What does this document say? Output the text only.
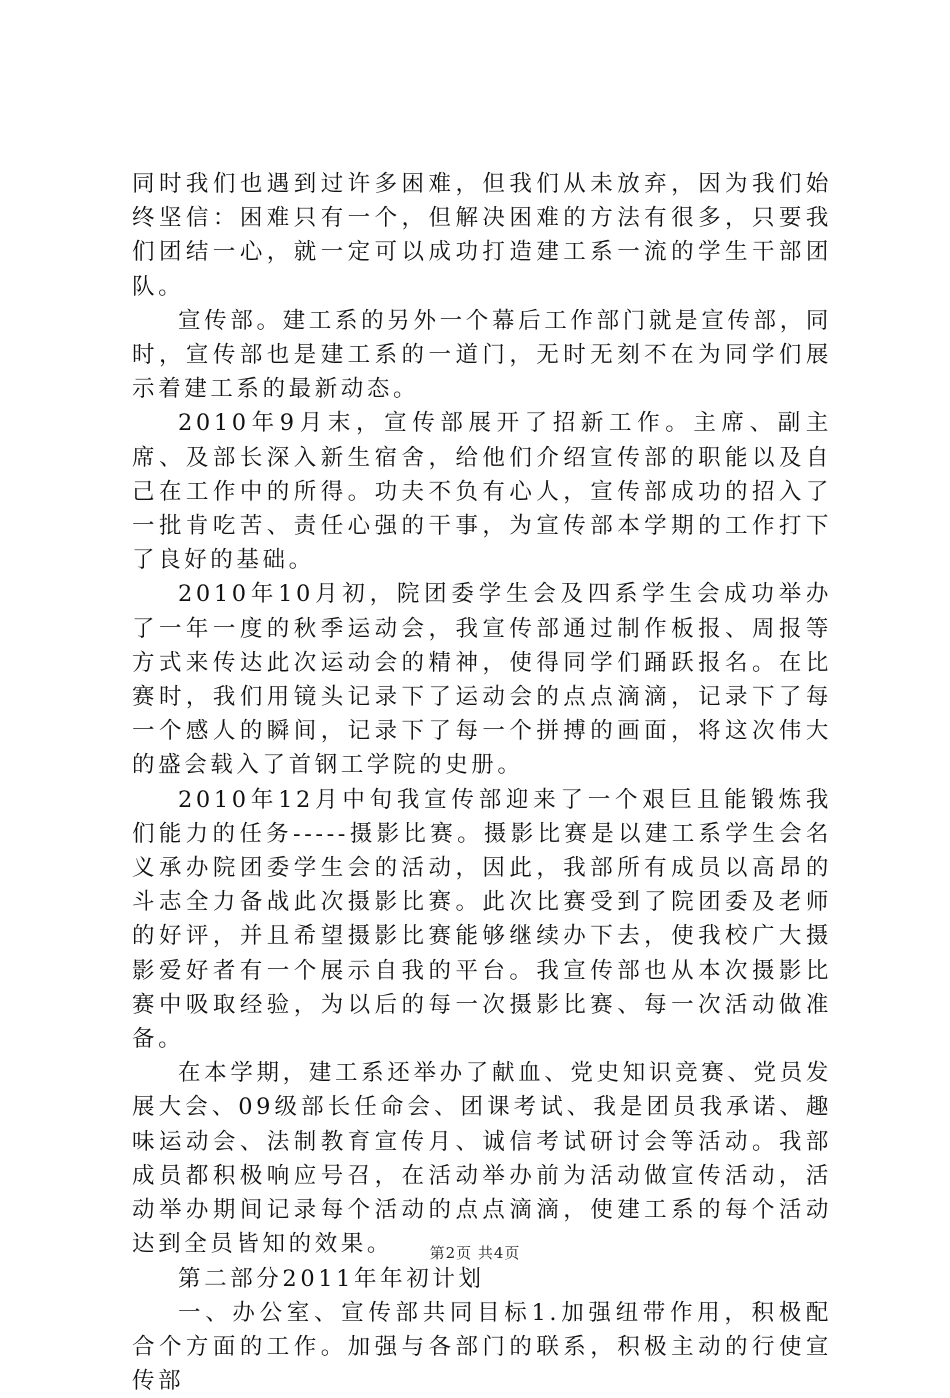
同时我们也遇到过许多困难，但我们从未放弃，因为我们始终坚信：困难只有一个，但解决困难的方法有很多，只要我们团结一心，就一定可以成功打造建工系一流的学生干部团队。

宣传部。建工系的另外一个幕后工作部门就是宣传部，同时，宣传部也是建工系的一道门，无时无刻不在为同学们展示着建工系的最新动态。

2010年9月末，宣传部展开了招新工作。主席、副主席、及部长深入新生宿舍，给他们介绍宣传部的职能以及自己在工作中的所得。功夫不负有心人，宣传部成功的招入了一批肯吃苦、责任心强的干事，为宣传部本学期的工作打下了良好的基础。

2010年10月初，院团委学生会及四系学生会成功举办了一年一度的秋季运动会，我宣传部通过制作板报、周报等方式来传达此次运动会的精神，使得同学们踊跃报名。在比赛时，我们用镜头记录下了运动会的点点滴滴，记录下了每一个感人的瞬间，记录下了每一个拼搏的画面，将这次伟大的盛会载入了首钢工学院的史册。

2010年12月中旬我宣传部迎来了一个艰巨且能锻炼我们能力的任务-----摄影比赛。摄影比赛是以建工系学生会名义承办院团委学生会的活动，因此，我部所有成员以高昂的斗志全力备战此次摄影比赛。此次比赛受到了院团委及老师的好评，并且希望摄影比赛能够继续办下去，使我校广大摄影爱好者有一个展示自我的平台。我宣传部也从本次摄影比赛中吸取经验，为以后的每一次摄影比赛、每一次活动做准备。

在本学期，建工系还举办了献血、党史知识竞赛、党员发展大会、09级部长任命会、团课考试、我是团员我承诺、趣味运动会、法制教育宣传月、诚信考试研讨会等活动。我部成员都积极响应号召，在活动举办前为活动做宣传活动，活动举办期间记录每个活动的点点滴滴，使建工系的每个活动达到全员皆知的效果。

第二部分2011年年初计划

一、办公室、宣传部共同目标1.加强纽带作用，积极配合个方面的工作。加强与各部门的联系，积极主动的行使宣传部

第2页 共4页
